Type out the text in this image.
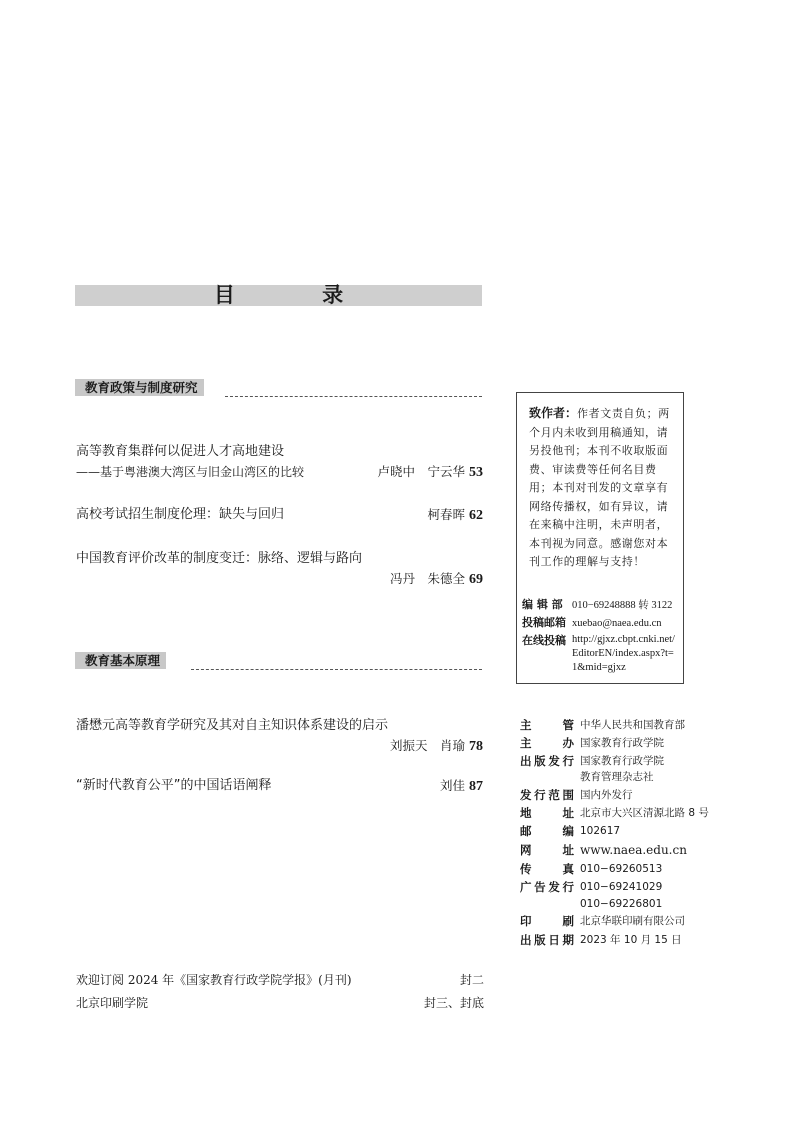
目 录
教育政策与制度研究
高等教育集群何以促进人才高地建设
——基于粤港澳大湾区与旧金山湾区的比较	卢晓中　宁云华 53
高校考试招生制度伦理：缺失与回归	柯春晖 62
中国教育评价改革的制度变迁：脉络、逻辑与路向
冯丹　朱德全 69
教育基本原理
潘懋元高等教育学研究及其对自主知识体系建设的启示
刘振天　肖瑜 78
“新时代教育公平”的中国话语阐释	刘佳 87
致作者：作者文责自负；两个月内未收到用稿通知，请另投他刊；本刊不收取版面费、审读费等任何名目费用；本刊对刊发的文章享有网络传播权，如有异议，请在来稿中注明，未声明者，本刊视为同意。感谢您对本刊工作的理解与支持！
编 辑 部 010−69248888 转 3122
投稿邮箱 xuebao@naea.edu.cn
在线投稿 http://gjxz.cbpt.cnki.net/EditorEN/index.aspx?t=1&mid=gjxz
主管 中华人民共和国教育部
主办 国家教育行政学院
出版发行 国家教育行政学院
教育管理杂志社
发行范围 国内外发行
地址 北京市大兴区清源北路 8 号
邮编 102617
网址 www.naea.edu.cn
传真 010−69260513
广告发行 010−69241029
010−69226801
印刷 北京华联印刷有限公司
出版日期 2023 年 10 月 15 日
欢迎订阅 2024 年《国家教育行政学院学报》(月刊)	封二
北京印刷学院	封三、封底
